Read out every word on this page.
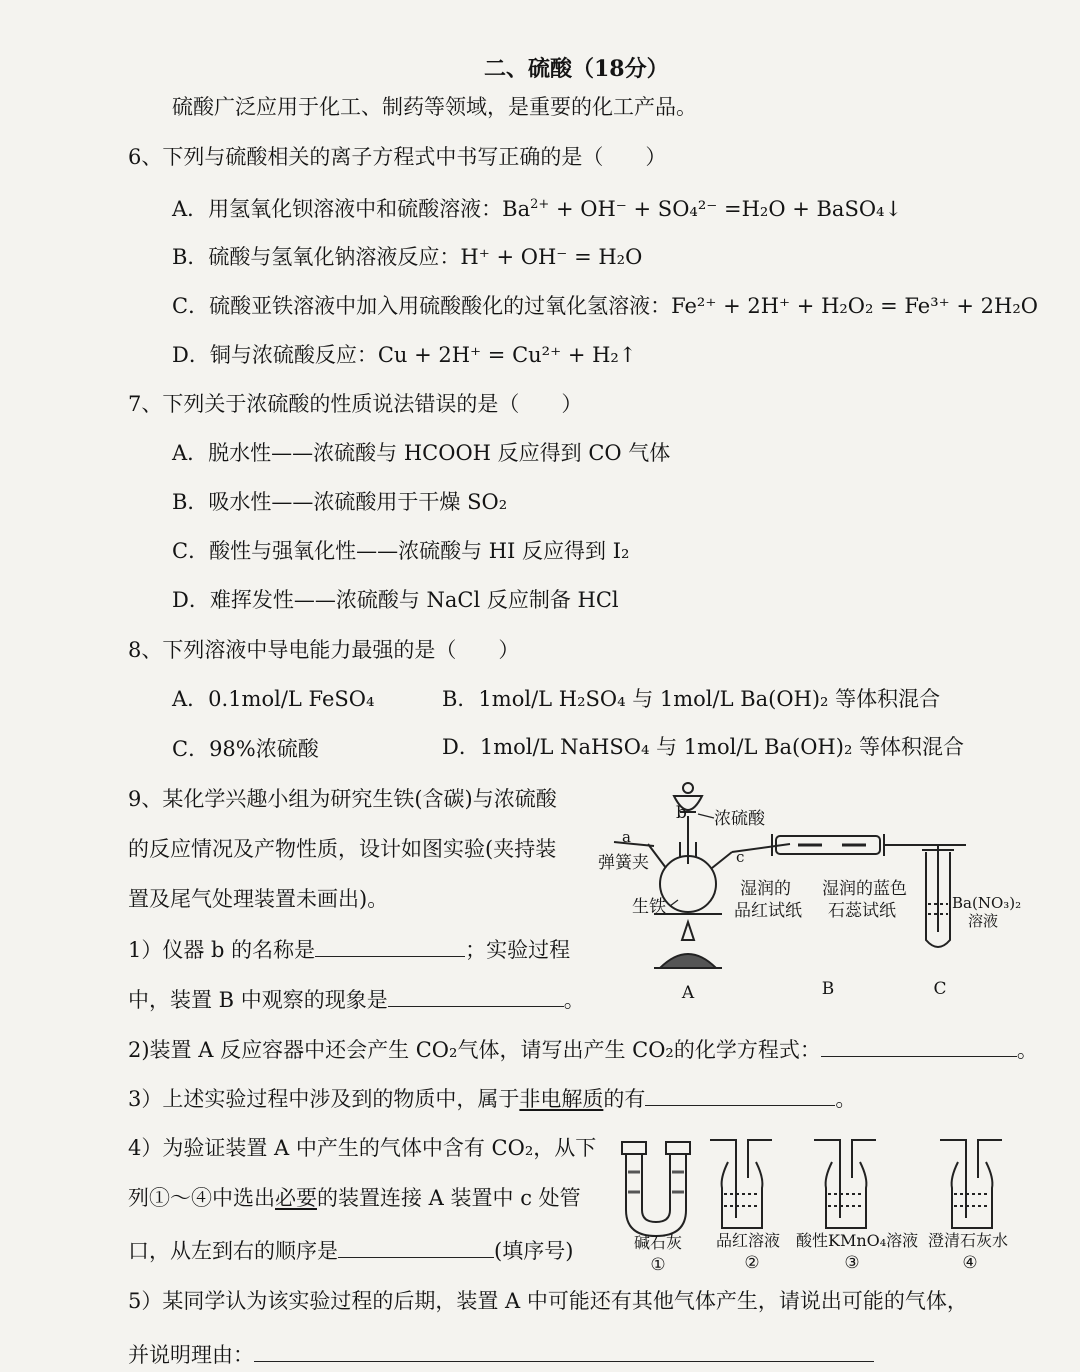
二、硫酸（18分）
硫酸广泛应用于化工、制药等领域，是重要的化工产品。
6、下列与硫酸相关的离子方程式中书写正确的是（　　）
A．用氢氧化钡溶液中和硫酸溶液：$Ba^{2+} + OH^- + SO_4^{2-} =H_2O$ + BaSO₄↓
B．硫酸与氢氧化钠溶液反应：H⁺ + OH⁻ = H₂O
C．硫酸亚铁溶液中加入用硫酸酸化的过氧化氢溶液：Fe²⁺ + 2H⁺ + H₂O₂ = Fe³⁺ + 2H₂O
D．铜与浓硫酸反应：Cu + 2H⁺ = Cu²⁺ + H₂↑
7、下列关于浓硫酸的性质说法错误的是（　　）
A．脱水性——浓硫酸与 HCOOH 反应得到 CO 气体
B．吸水性——浓硫酸用于干燥 SO₂
C．酸性与强氧化性——浓硫酸与 HI 反应得到 I₂
D．难挥发性——浓硫酸与 NaCl 反应制备 HCl
8、下列溶液中导电能力最强的是（　　）
A．0.1mol/L FeSO₄	B．1mol/L H₂SO₄ 与 1mol/L Ba(OH)₂ 等体积混合
C．98%浓硫酸	D．1mol/L NaHSO₄ 与 1mol/L Ba(OH)₂ 等体积混合
9、某化学兴趣小组为研究生铁(含碳)与浓硫酸
的反应情况及产物性质，设计如图实验(夹持装
置及尾气处理装置未画出)。
1）仪器 b 的名称是	；实验过程
中，装置 B 中观察的现象是	。
2)装置 A 反应容器中还会产生 CO₂气体，请写出产生 CO₂的化学方程式：	。
3）上述实验过程中涉及到的物质中，属于非电解质的有	。
4）为验证装置 A 中产生的气体中含有 CO₂，从下
列①～④中选出必要的装置连接 A 装置中 c 处管
口，从左到右的顺序是	(填序号)
5）某同学认为该实验过程的后期，装置 A 中可能还有其他气体产生，请说出可能的气体，
并说明理由：
b 浓硫酸
a
弹簧夹	c
生铁
A
湿润的
品红试纸
湿润的蓝色
石蕊试纸
B
Ba(NO₃)₂
溶液
C
碱石灰
①
品红溶液
②
酸性KMnO₄溶液
③
澄清石灰水
④
